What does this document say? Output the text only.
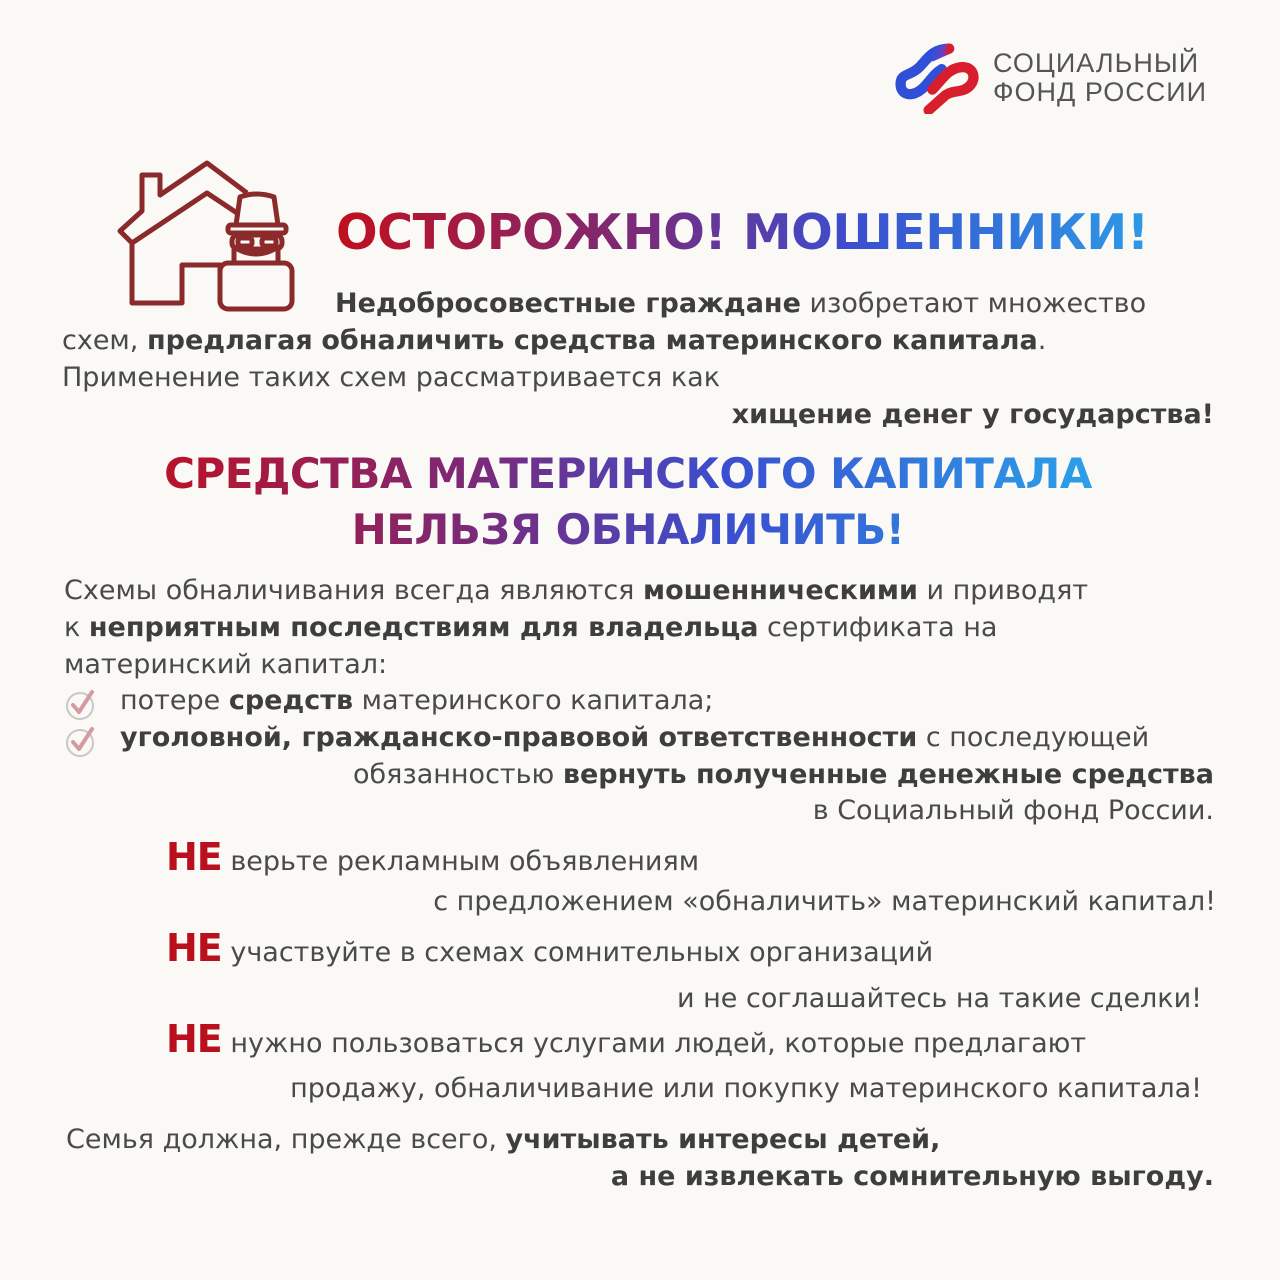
СОЦИАЛЬНЫЙ
ФОНД РОССИИ
ОСТОРОЖНО! МОШЕННИКИ!
Недобросовестные граждане изобретают множество
схем, предлагая обналичить средства материнского капитала.
Применение таких схем рассматривается как
хищение денег у государства!
СРЕДСТВА МАТЕРИНСКОГО КАПИТАЛА
НЕЛЬЗЯ ОБНАЛИЧИТЬ!
Схемы обналичивания всегда являются мошенническими и приводят
к неприятным последствиям для владельца сертификата на
материнский капитал:
потере средств материнского капитала;
уголовной, гражданско-правовой ответственности с последующей
обязанностью вернуть полученные денежные средства
в Социальный фонд России.
НЕ верьте рекламным объявлениям
с предложением «обналичить» материнский капитал!
НЕ участвуйте в схемах сомнительных организаций
и не соглашайтесь на такие сделки!
НЕ нужно пользоваться услугами людей, которые предлагают
продажу, обналичивание или покупку материнского капитала!
Семья должна, прежде всего, учитывать интересы детей,
а не извлекать сомнительную выгоду.
